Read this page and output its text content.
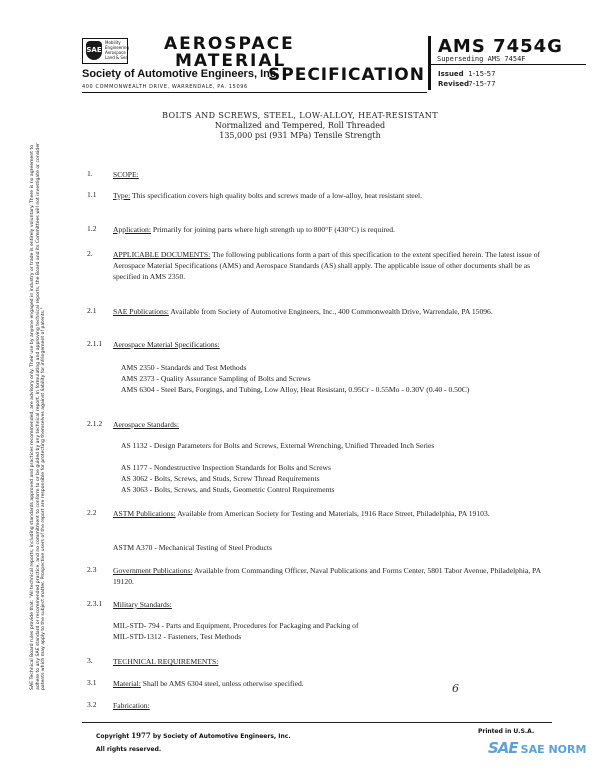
SAE
Mobility
Engineering
Aerospace
Land & Sea
AEROSPACE
MATERIAL
SPECIFICATION
Society of Automotive Engineers, Inc.
400 COMMONWEALTH DRIVE, WARRENDALE, PA. 15096
AMS 7454G
Superseding AMS 7454F
Issued 1-15-57
Revised 7-15-77
BOLTS AND SCREWS, STEEL, LOW-ALLOY, HEAT-RESISTANT
Normalized and Tempered, Roll Threaded
135,000 psi (931 MPa) Tensile Strength
1.	SCOPE:
1.1 Type: This specification covers high quality bolts and screws made of a low-alloy, heat resistant steel.
1.2 Application: Primarily for joining parts where high strength up to 800°F (430°C) is required.
2.	APPLICABLE DOCUMENTS: The following publications form a part of this specification to the extent specified herein. The latest issue of Aerospace Material Specifications (AMS) and Aerospace Standards (AS) shall apply. The applicable issue of other documents shall be as specified in AMS 2350.
2.1 SAE Publications: Available from Society of Automotive Engineers, Inc., 400 Commonwealth Drive, Warrendale, PA 15096.
2.1.1 Aerospace Material Specifications:
AMS 2350 - Standards and Test Methods
AMS 2373 - Quality Assurance Sampling of Bolts and Screws
AMS 6304 - Steel Bars, Forgings, and Tubing, Low Alloy, Heat Resistant, 0.95Cr - 0.55Mo - 0.30V (0.40 - 0.50C)
2.1.2 Aerospace Standards:
AS 1132 - Design Parameters for Bolts and Screws, External Wrenching, Unified Threaded Inch Series
AS 1177 - Nondestructive Inspection Standards for Bolts and Screws
AS 3062 - Bolts, Screws, and Studs, Screw Thread Requirements
AS 3063 - Bolts, Screws, and Studs, Geometric Control Requirements
2.2 ASTM Publications: Available from American Society for Testing and Materials, 1916 Race Street, Philadelphia, PA 19103.
ASTM A370 - Mechanical Testing of Steel Products
2.3 Government Publications: Available from Commanding Officer, Naval Publications and Forms Center, 5801 Tabor Avenue, Philadelphia, PA 19120.
2.3.1 Military Standards:
MIL-STD- 794 - Parts and Equipment, Procedures for Packaging and Packing of
MIL-STD-1312 - Fasteners, Test Methods
3.	TECHNICAL REQUIREMENTS:
3.1 Material: Shall be AMS 6304 steel, unless otherwise specified.
3.2 Fabrication:
6
SAE Technical Board rules provide that: "All technical reports, including standards approved and practices recommended, are advisory only. Their use by anyone engaged in industry or trade is entirely voluntary. There is no agreement to adhere to any SAE standard or recommended practice, and no commitment to conform to or be guided by any technical report. In formulating and approving technical reports, the Board and its Committees will not investigate or consider patents which may apply to the subject matter. Prospective users of the report are responsible for protecting themselves against liability for infringement of patents."
Copyright 1977 by Society of Automotive Engineers, Inc.
All rights reserved.
Printed in U.S.A.
SAE SAE NORM
